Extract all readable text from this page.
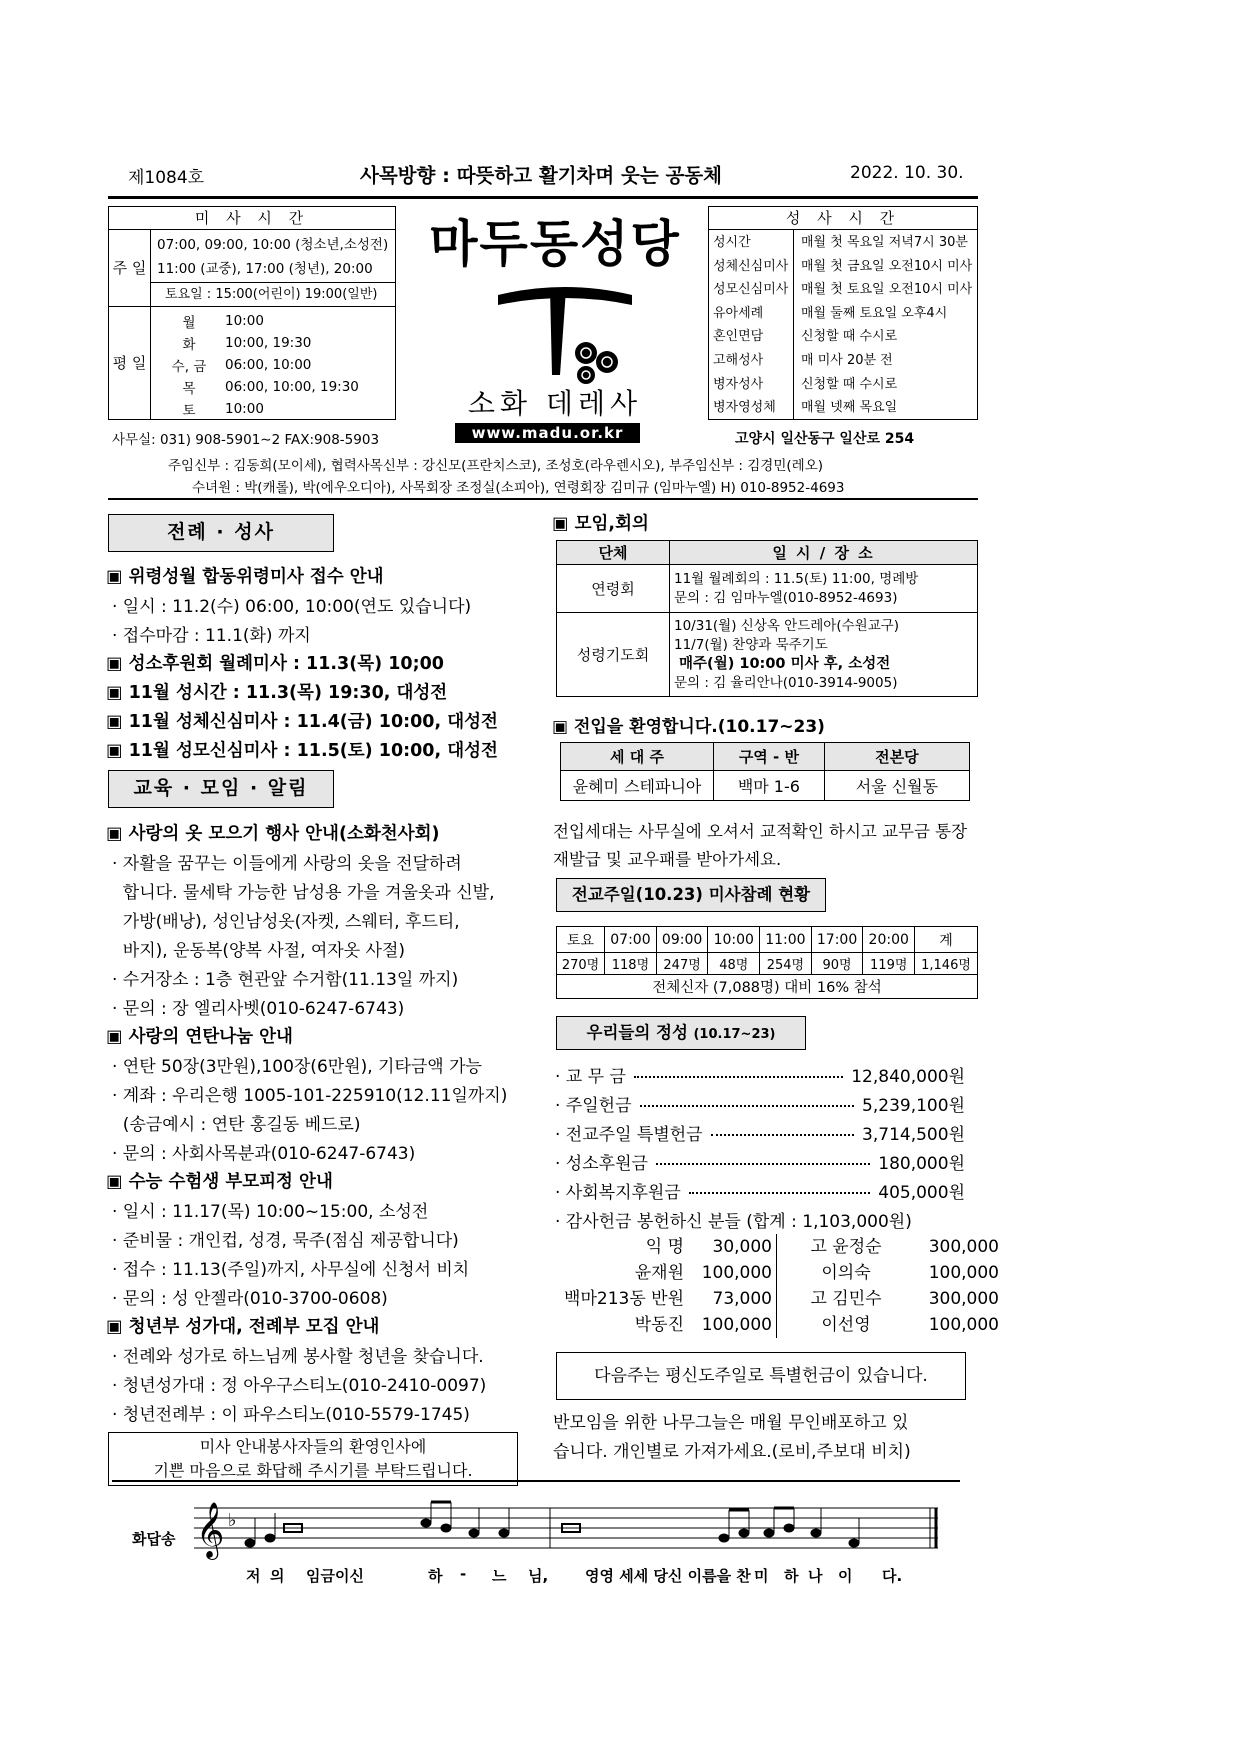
제1084호	사목방향 : 따뜻하고 활기차며 웃는 공동체	2022. 10. 30.
미 사 시 간
주 일
07:00, 09:00, 10:00 (청소년,소성전)
11:00 (교중), 17:00 (청년), 20:00
토요일 : 15:00(어린이) 19:00(일반)
평 일
월	10:00
화	10:00, 19:30
수, 금	06:00, 10:00
목	06:00, 10:00, 19:30
토	10:00
마두동성당
소화 데레사
www.madu.or.kr
성 사 시 간
성시간	매월 첫 목요일 저녁7시 30분
성체신심미사 매월 첫 금요일 오전10시 미사
성모신심미사 매월 첫 토요일 오전10시 미사
유아세례	매월 둘째 토요일 오후4시
혼인면담	신청할 때 수시로
고해성사	매 미사 20분 전
병자성사	신청할 때 수시로
병자영성체	매월 넷째 목요일
사무실: 031) 908-5901∼2 FAX:908-5903	고양시 일산동구 일산로 254
주임신부 : 김동희(모이세), 협력사목신부 : 강신모(프란치스코), 조성호(라우렌시오), 부주임신부 : 김경민(레오)
수녀원 : 박(캐롤), 박(에우오디아), 사목회장 조정실(소피아), 연령회장 김미규 (임마누엘) H) 010-8952-4693
전례 · 성사
▣ 위령성월 합동위령미사 접수 안내
· 일시 : 11.2(수) 06:00, 10:00(연도 있습니다)
· 접수마감 : 11.1(화) 까지
▣ 성소후원회 월례미사 : 11.3(목) 10;00
▣ 11월 성시간 : 11.3(목) 19:30, 대성전
▣ 11월 성체신심미사 : 11.4(금) 10:00, 대성전
▣ 11월 성모신심미사 : 11.5(토) 10:00, 대성전
교육 · 모임 · 알림
▣ 사랑의 옷 모으기 행사 안내(소화천사회)
· 자활을 꿈꾸는 이들에게 사랑의 옷을 전달하려
합니다. 물세탁 가능한 남성용 가을 겨울옷과 신발,
가방(배낭), 성인남성옷(자켓, 스웨터, 후드티,
바지), 운동복(양복 사절, 여자옷 사절)
· 수거장소 : 1층 현관앞 수거함(11.13일 까지)
· 문의 : 장 엘리사벳(010-6247-6743)
▣ 사랑의 연탄나눔 안내
· 연탄 50장(3만원),100장(6만원), 기타금액 가능
· 계좌 : 우리은행 1005-101-225910(12.11일까지)
(송금예시 : 연탄 홍길동 베드로)
· 문의 : 사회사목분과(010-6247-6743)
▣ 수능 수험생 부모피정 안내
· 일시 : 11.17(목) 10:00~15:00, 소성전
· 준비물 : 개인컵, 성경, 묵주(점심 제공합니다)
· 접수 : 11.13(주일)까지, 사무실에 신청서 비치
· 문의 : 성 안젤라(010-3700-0608)
▣ 청년부 성가대, 전례부 모집 안내
· 전례와 성가로 하느님께 봉사할 청년을 찾습니다.
· 청년성가대 : 정 아우구스티노(010-2410-0097)
· 청년전례부 : 이 파우스티노(010-5579-1745)
미사 안내봉사자들의 환영인사에
기쁜 마음으로 화답해 주시기를 부탁드립니다.
▣ 모임,회의
단체	일 시 / 장 소
연령회	11월 월례회의 : 11.5(토) 11:00, 명례방
문의 : 김 임마누엘(010-8952-4693)

성령기도회	10/31(월) 신상옥 안드레아(수원교구)
11/7(월) 찬양과 묵주기도
매주(월) 10:00 미사 후, 소성전
문의 : 김 율리안나(010-3914-9005)
▣ 전입을 환영합니다.(10.17~23)
세 대 주	구역 - 반	전본당
윤혜미 스테파니아	백마 1-6	서울 신월동
전입세대는 사무실에 오셔서 교적확인 하시고 교무금 통장
재발급 및 교우패를 받아가세요.
전교주일(10.23) 미사참례 현황
토요	07:00	09:00	10:00	11:00	17:00	20:00	계
270명	118명	247명	48명	254명	90명	119명	1,146명
전체신자 (7,088명) 대비 16% 참석							
우리들의 정성 (10.17~23)
· 교 무 금	12,840,000원
· 주일헌금	5,239,100원
· 전교주일 특별헌금	3,714,500원
· 성소후원금	180,000원
· 사회복지후원금	405,000원
· 감사헌금 봉헌하신 분들 (합계 : 1,103,000원)
익 명	30,000	고 윤정순	300,000
윤재원	100,000	이의숙	100,000
백마213동 반원	73,000	고 김민수	300,000
박동진	100,000	이선영	100,000
다음주는 평신도주일로 특별헌금이 있습니다.
반모임을 위한 나무그늘은 매월 무인배포하고 있
습니다. 개인별로 가져가세요.(로비,주보대 비치)
화답송 𝄞 ♭
저 의 임금이신	하 - 느 님, 영영 세세 당신 이름을 찬 미 하 나 이 다.
